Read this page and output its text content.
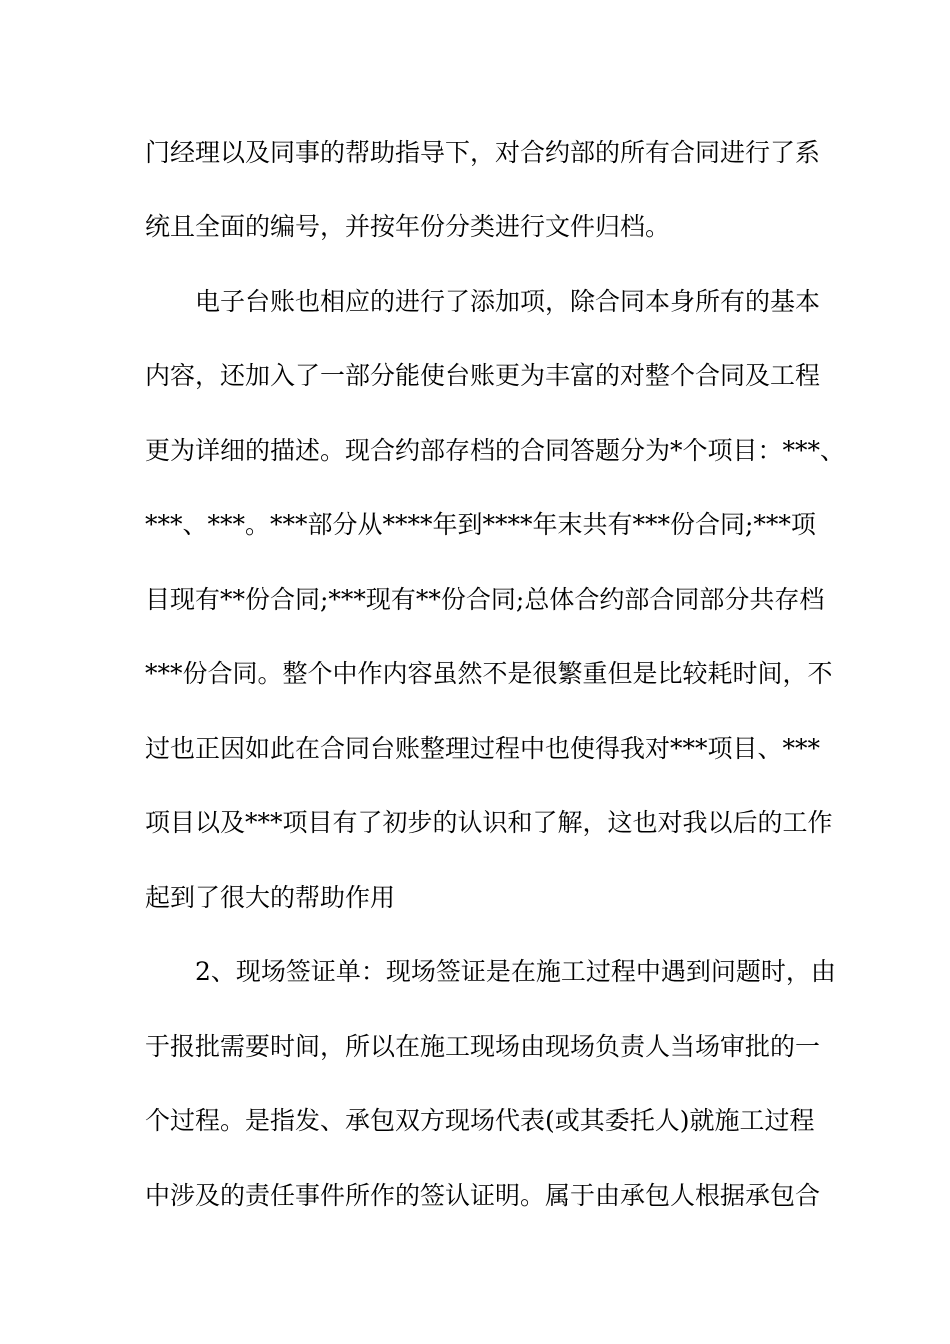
门经理以及同事的帮助指导下，对合约部的所有合同进行了系
统且全面的编号，并按年份分类进行文件归档。
电子台账也相应的进行了添加项，除合同本身所有的基本
内容，还加入了一部分能使台账更为丰富的对整个合同及工程
更为详细的描述。现合约部存档的合同答题分为*个项目：***、
***、***。***部分从****年到****年末共有***份合同;***项
目现有**份合同;***现有**份合同;总体合约部合同部分共存档
***份合同。整个中作内容虽然不是很繁重但是比较耗时间，不
过也正因如此在合同台账整理过程中也使得我对***项目、***
项目以及***项目有了初步的认识和了解，这也对我以后的工作
起到了很大的帮助作用
2、现场签证单：现场签证是在施工过程中遇到问题时，由
于报批需要时间，所以在施工现场由现场负责人当场审批的一
个过程。是指发、承包双方现场代表(或其委托人)就施工过程
中涉及的责任事件所作的签认证明。属于由承包人根据承包合
